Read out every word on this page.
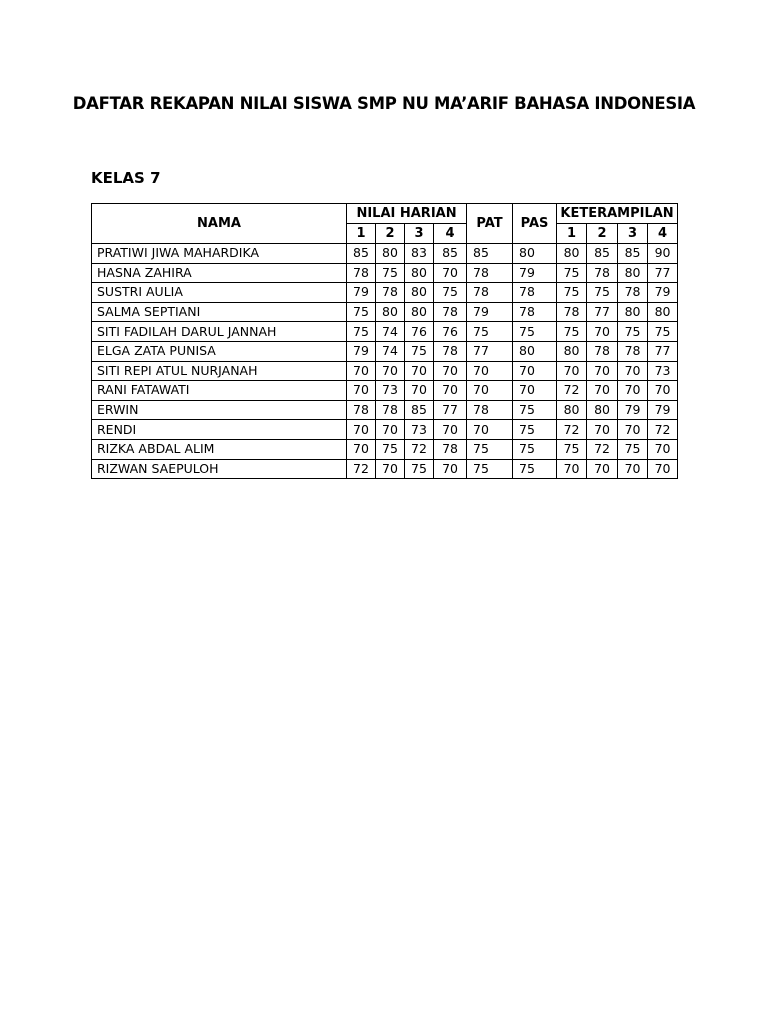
DAFTAR REKAPAN NILAI SISWA SMP NU MA’ARIF BAHASA INDONESIA
KELAS 7
NAMA	NILAI HARIAN				PAT	PAS	KETERAMPILAN			
	1	2	3	4			1	2	3	4

PRATIWI JIWA MAHARDIKA	85	80	83	85	85	80	80	85	85	90
HASNA ZAHIRA	78	75	80	70	78	79	75	78	80	77
SUSTRI AULIA	79	78	80	75	78	78	75	75	78	79
SALMA SEPTIANI	75	80	80	78	79	78	78	77	80	80
SITI FADILAH DARUL JANNAH	75	74	76	76	75	75	75	70	75	75
ELGA ZATA PUNISA	79	74	75	78	77	80	80	78	78	77
SITI REPI ATUL NURJANAH	70	70	70	70	70	70	70	70	70	73
RANI FATAWATI	70	73	70	70	70	70	72	70	70	70
ERWIN	78	78	85	77	78	75	80	80	79	79
RENDI	70	70	73	70	70	75	72	70	70	72
RIZKA ABDAL ALIM	70	75	72	78	75	75	75	72	75	70
RIZWAN SAEPULOH	72	70	75	70	75	75	70	70	70	70
